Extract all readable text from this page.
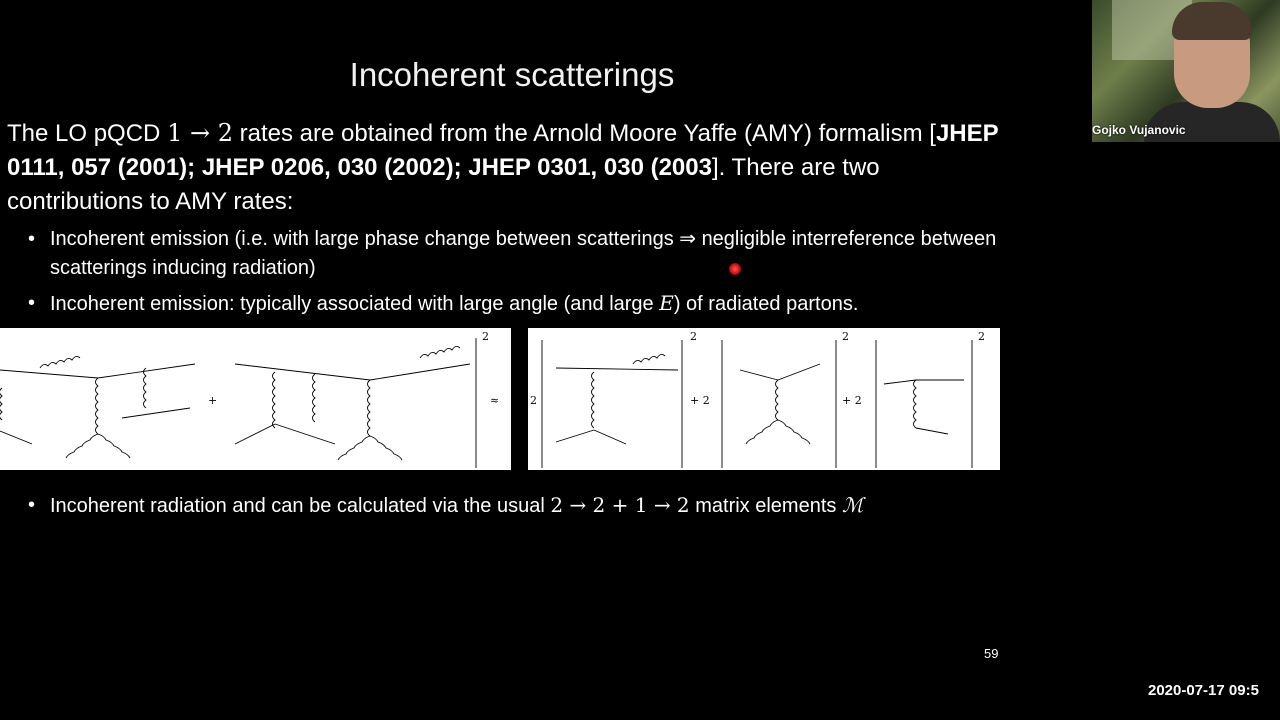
Incoherent scatterings
The LO pQCD 1 → 2 rates are obtained from the Arnold Moore Yaffe (AMY) formalism [JHEP 0111, 057 (2001); JHEP 0206, 030 (2002); JHEP 0301, 030 (2003]. There are two contributions to AMY rates:
• Incoherent emission (i.e. with large phase change between scatterings ⇒ negligible interreference between scatterings inducing radiation)
• Incoherent emission: typically associated with large angle (and large E) of radiated partons.
+	≈
2
2	+ 2	+ 2
2	2	2
• Incoherent radiation and can be calculated via the usual 2 → 2 + 1 → 2 matrix elements ℳ
59
Gojko Vujanovic
2020-07-17 09:5
